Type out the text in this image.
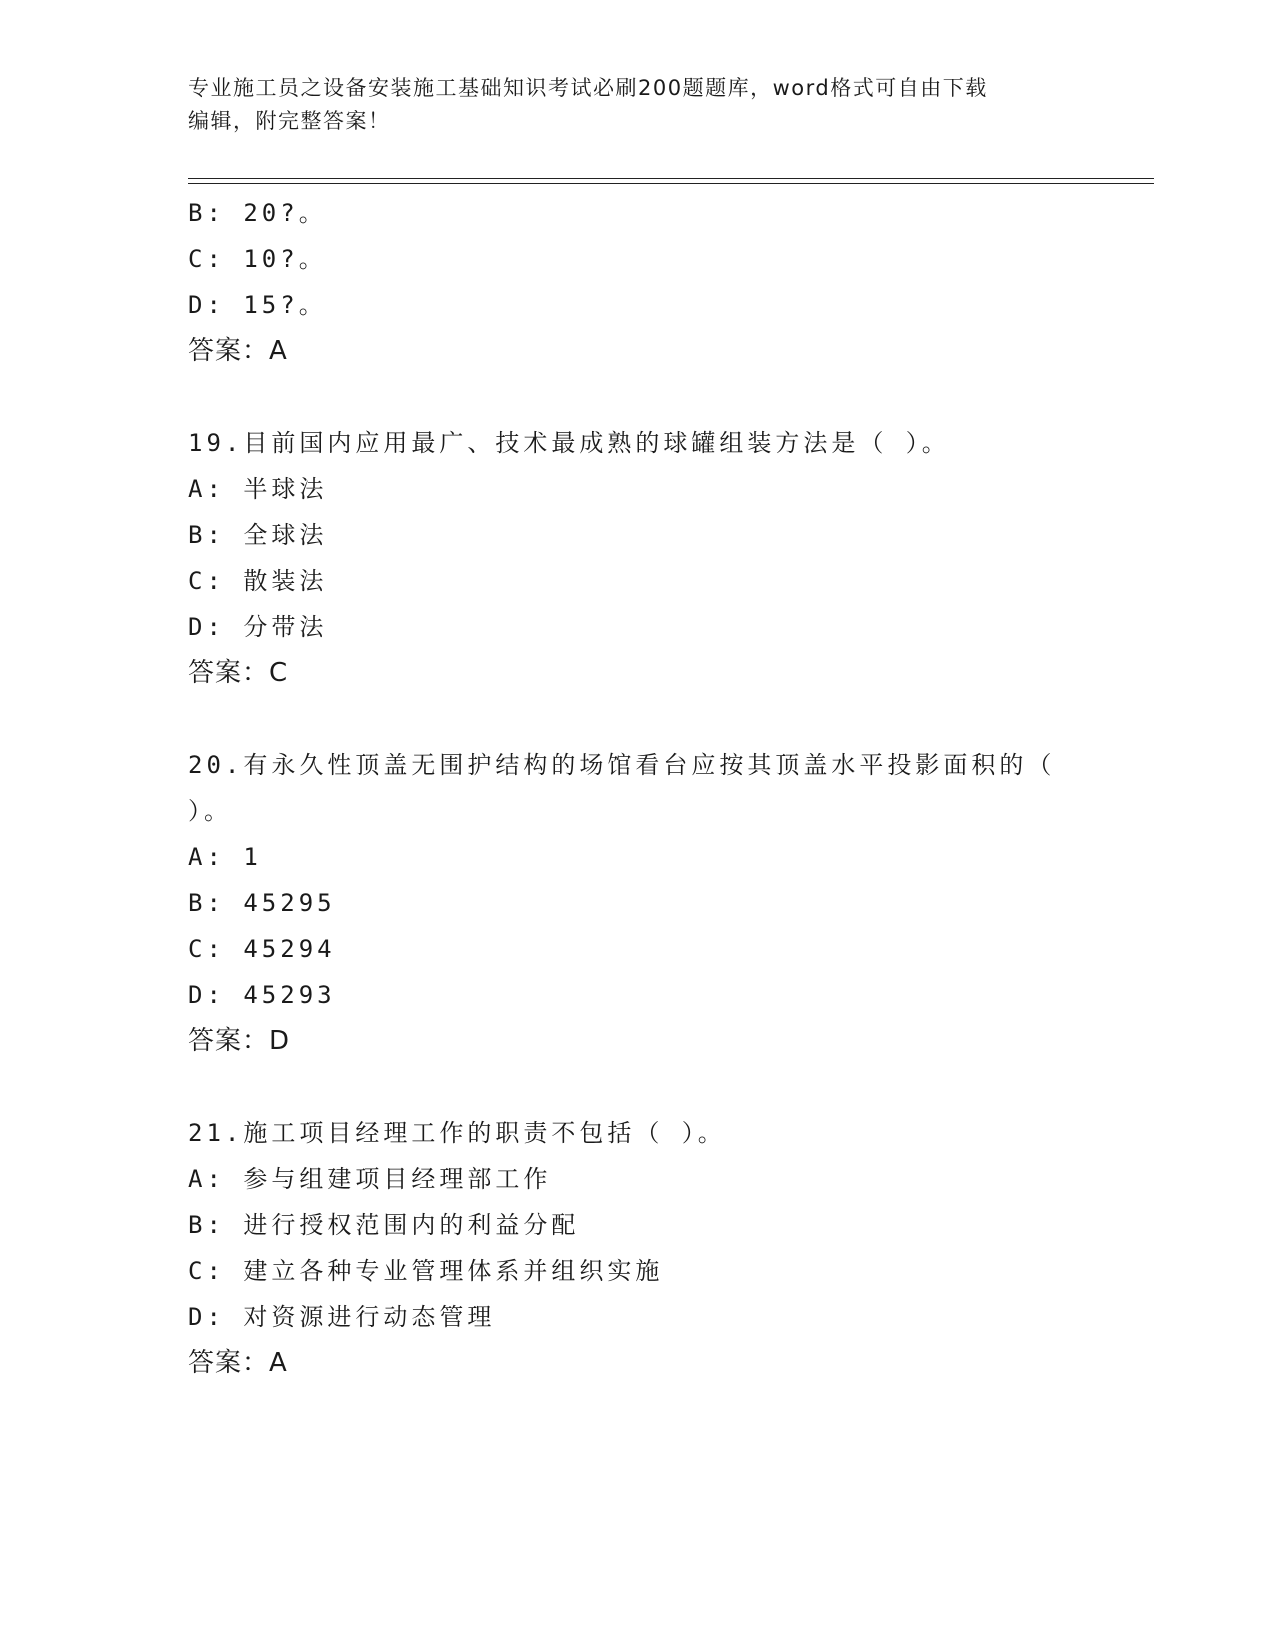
专业施工员之设备安装施工基础知识考试必刷200题题库，word格式可自由下载
编辑，附完整答案！
B: 20?。
C: 10?。
D: 15?。
答案：A
19.目前国内应用最广、技术最成熟的球罐组装方法是（ ）。
A: 半球法
B: 全球法
C: 散装法
D: 分带法
答案：C
20.有永久性顶盖无围护结构的场馆看台应按其顶盖水平投影面积的（
）。
A: 1
B: 45295
C: 45294
D: 45293
答案：D
21.施工项目经理工作的职责不包括（ ）。
A: 参与组建项目经理部工作
B: 进行授权范围内的利益分配
C: 建立各种专业管理体系并组织实施
D: 对资源进行动态管理
答案：A
